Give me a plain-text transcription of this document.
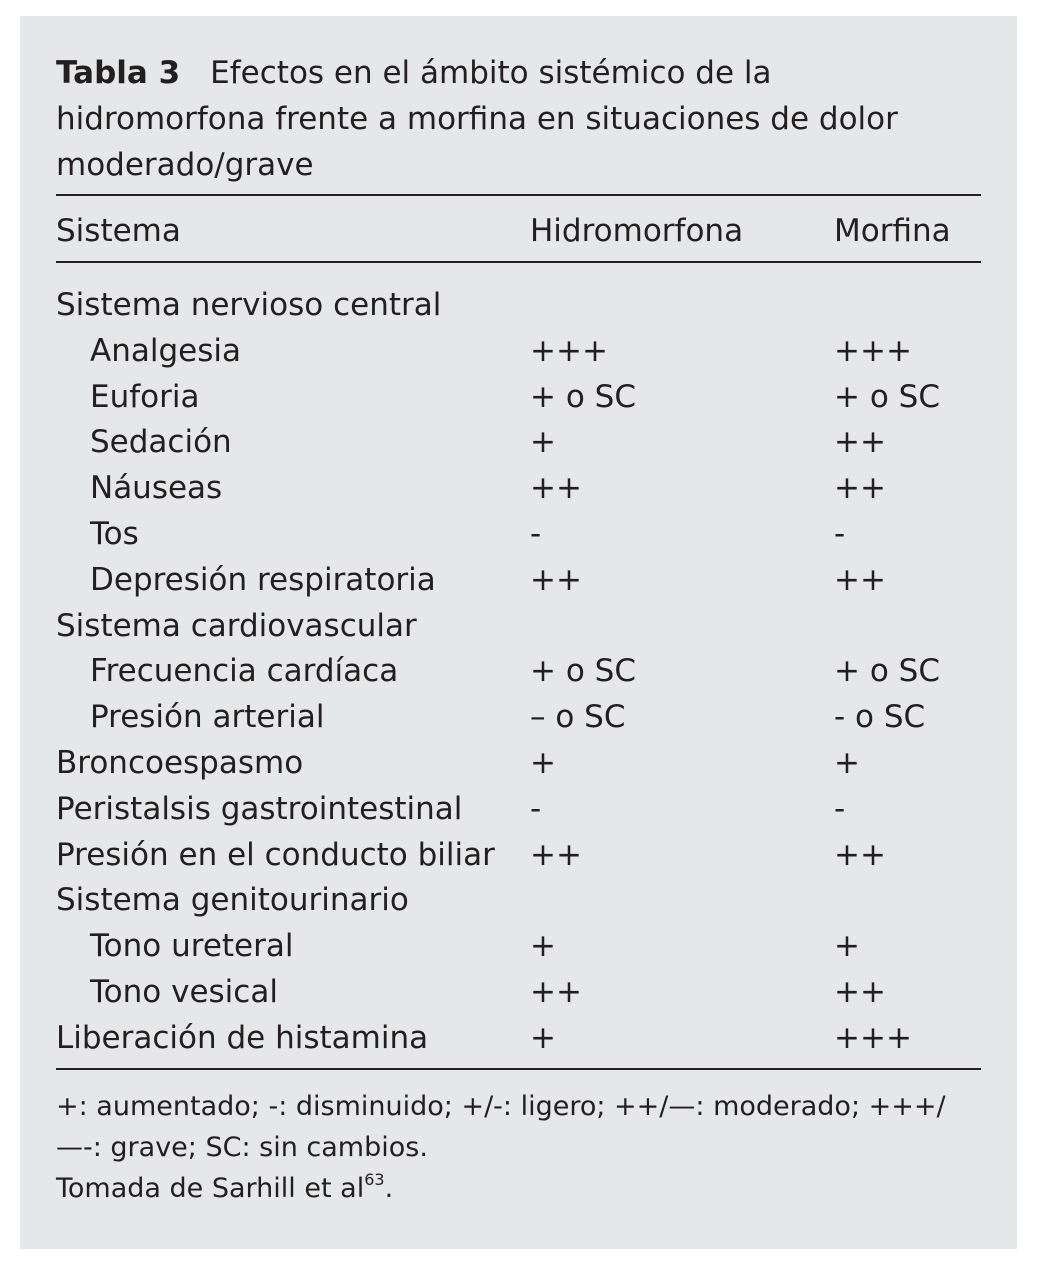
Tabla 3 Efectos en el ámbito sistémico de la hidromorfona frente a morfina en situaciones de dolor moderado/grave

Sistema	Hidromorfona	Morfina
Sistema nervioso central
Analgesia	+++	+++
Euforia	+ o SC	+ o SC
Sedación	+	++
Náuseas	++	++
Tos	-	-
Depresión respiratoria	++	++
Sistema cardiovascular
Frecuencia cardíaca	+ o SC	+ o SC
Presión arterial	– o SC	- o SC
Broncoespasmo	+	+
Peristalsis gastrointestinal -	-
Presión en el conducto biliar ++	++
Sistema genitourinario
Tono ureteral	+	+
Tono vesical	++	++
Liberación de histamina	+	+++

+: aumentado; -: disminuido; +/-: ligero; ++/—: moderado; +++/—-: grave; SC: sin cambios.

Tomada de Sarhill et $al^{63}$.
